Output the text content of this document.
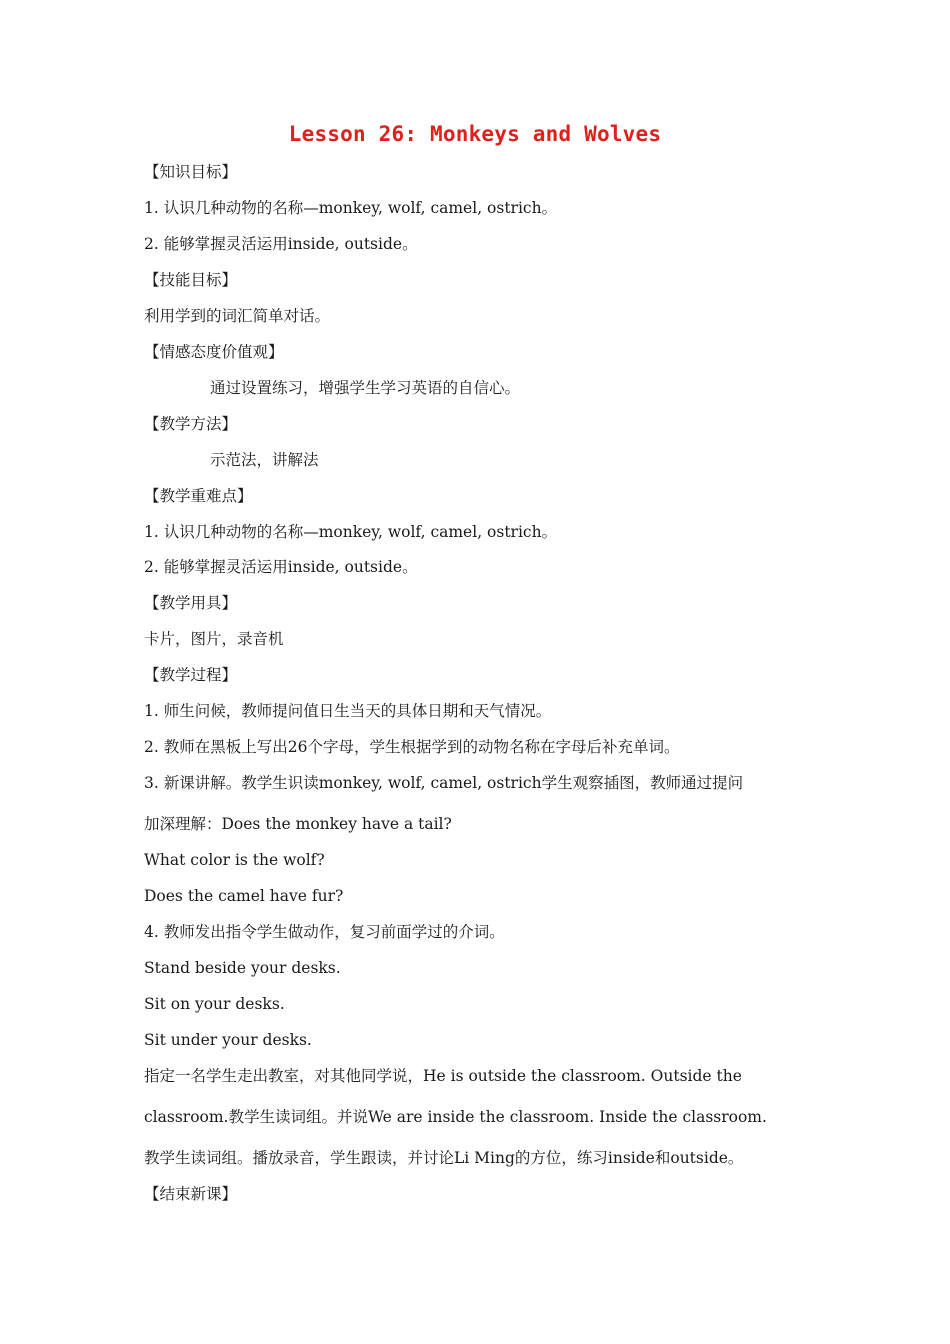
Lesson 26: Monkeys and Wolves
【知识目标】
1. 认识几种动物的名称—monkey, wolf, camel, ostrich。
2. 能够掌握灵活运用inside, outside。
【技能目标】
利用学到的词汇简单对话。
【情感态度价值观】
通过设置练习，增强学生学习英语的自信心。
【教学方法】
示范法，讲解法
【教学重难点】
1. 认识几种动物的名称—monkey, wolf, camel, ostrich。
2. 能够掌握灵活运用inside, outside。
【教学用具】
卡片，图片，录音机
【教学过程】
1. 师生问候，教师提问值日生当天的具体日期和天气情况。
2. 教师在黑板上写出26个字母，学生根据学到的动物名称在字母后补充单词。
3. 新课讲解。教学生识读monkey, wolf, camel, ostrich学生观察插图，教师通过提问
加深理解：Does the monkey have a tail?
What color is the wolf?
Does the camel have fur?
4. 教师发出指令学生做动作，复习前面学过的介词。
Stand beside your desks.
Sit on your desks.
Sit under your desks.
指定一名学生走出教室，对其他同学说，He is outside the classroom. Outside the
classroom.教学生读词组。并说We are inside the classroom. Inside the classroom.
教学生读词组。播放录音，学生跟读，并讨论Li Ming的方位，练习inside和outside。
【结束新课】
